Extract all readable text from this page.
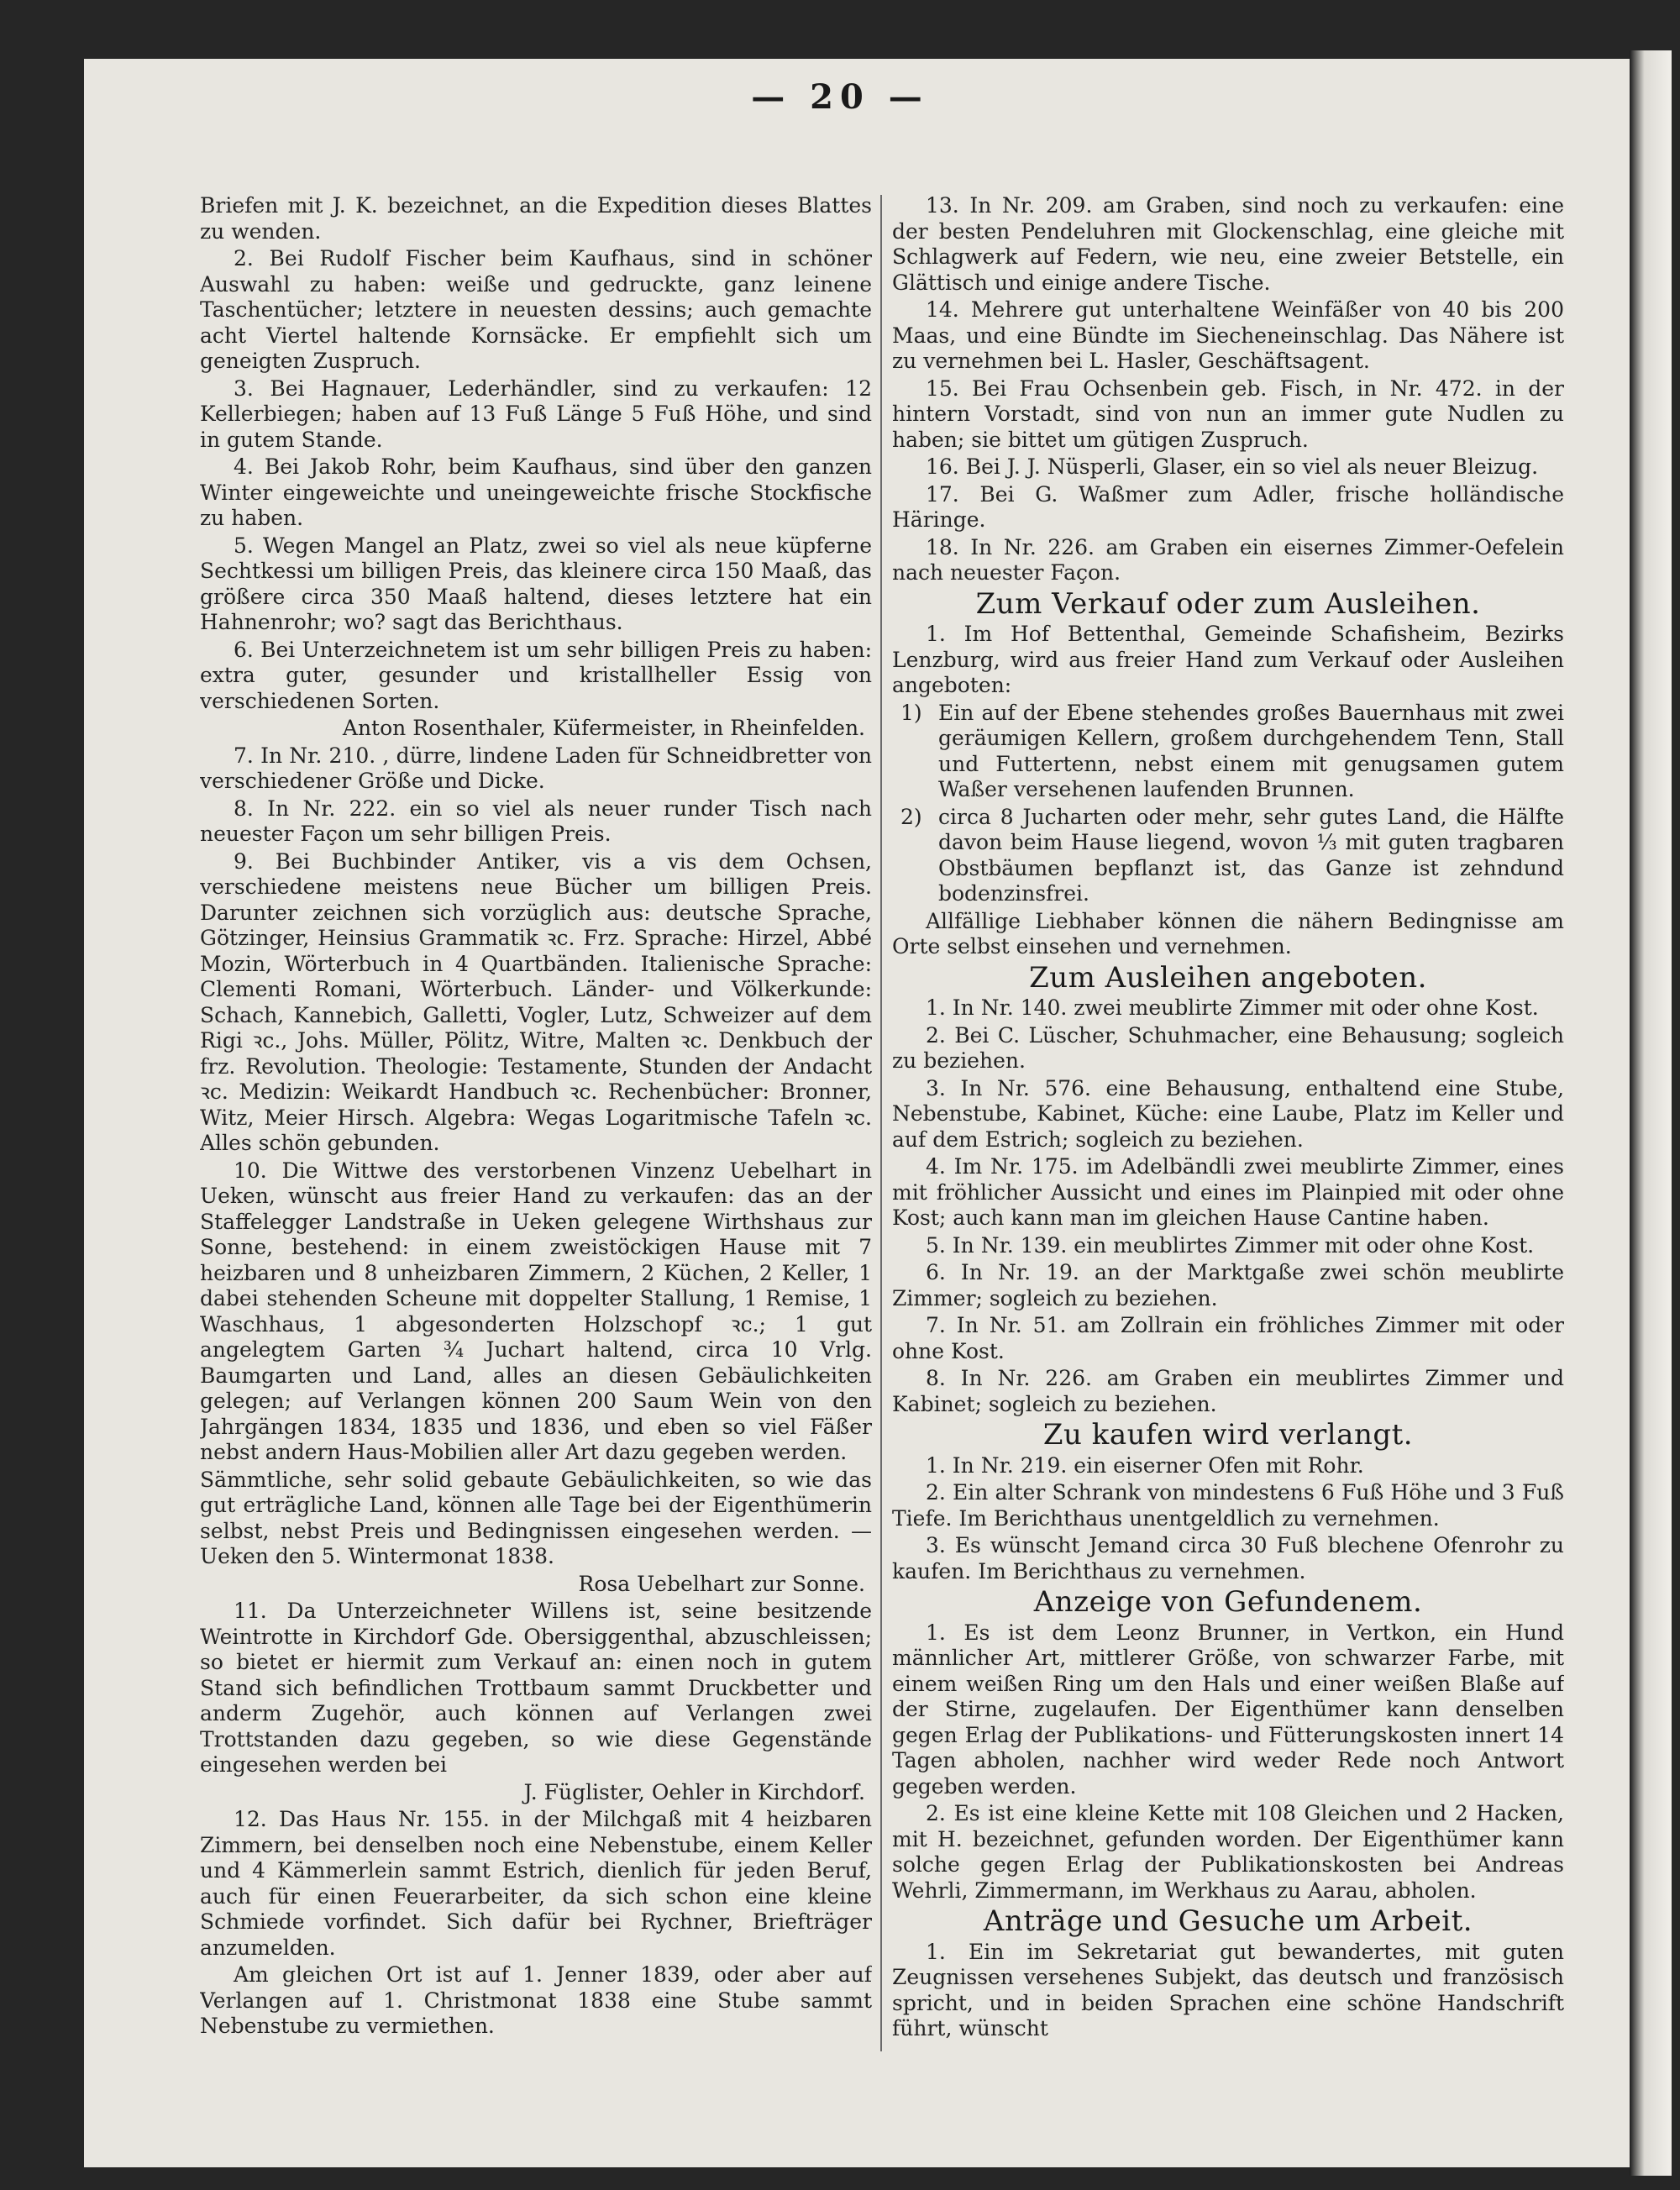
— 20 —

Briefen mit J. K. bezeichnet, an die Expedition dieses Blattes zu wenden.

2. Bei Rudolf Fischer beim Kaufhaus, sind in schöner Auswahl zu haben: weiße und gedruckte, ganz leinene Taschentücher; letztere in neuesten dessins; auch gemachte acht Viertel haltende Kornsäcke. Er empfiehlt sich um geneigten Zuspruch.

3. Bei Hagnauer, Lederhändler, sind zu verkaufen: 12 Kellerbiegen; haben auf 13 Fuß Länge 5 Fuß Höhe, und sind in gutem Stande.

4. Bei Jakob Rohr, beim Kaufhaus, sind über den ganzen Winter eingeweichte und uneingeweichte frische Stockfische zu haben.

5. Wegen Mangel an Platz, zwei so viel als neue küpferne Sechtkessi um billigen Preis, das kleinere circa 150 Maaß, das größere circa 350 Maaß haltend, dieses letztere hat ein Hahnenrohr; wo? sagt das Berichthaus.

6. Bei Unterzeichnetem ist um sehr billigen Preis zu haben: extra guter, gesunder und kristallheller Essig von verschiedenen Sorten.

Anton Rosenthaler, Küfermeister, in Rheinfelden.

7. In Nr. 210. , dürre, lindene Laden für Schneidbretter von verschiedener Größe und Dicke.

8. In Nr. 222. ein so viel als neuer runder Tisch nach neuester Façon um sehr billigen Preis.

9. Bei Buchbinder Antiker, vis a vis dem Ochsen, verschiedene meistens neue Bücher um billigen Preis. Darunter zeichnen sich vorzüglich aus: deutsche Sprache, Götzinger, Heinsius Grammatik ꝛc. Frz. Sprache: Hirzel, Abbé Mozin, Wörterbuch in 4 Quartbänden. Italienische Sprache: Clementi Romani, Wörterbuch. Länder- und Völkerkunde: Schach, Kannebich, Galletti, Vogler, Lutz, Schweizer auf dem Rigi ꝛc., Johs. Müller, Pölitz, Witre, Malten ꝛc. Denkbuch der frz. Revolution. Theologie: Testamente, Stunden der Andacht ꝛc. Medizin: Weikardt Handbuch ꝛc. Rechenbücher: Bronner, Witz, Meier Hirsch. Algebra: Wegas Logaritmische Tafeln ꝛc. Alles schön gebunden.

10. Die Wittwe des verstorbenen Vinzenz Uebelhart in Ueken, wünscht aus freier Hand zu verkaufen: das an der Staffelegger Landstraße in Ueken gelegene Wirthshaus zur Sonne, bestehend: in einem zweistöckigen Hause mit 7 heizbaren und 8 unheizbaren Zimmern, 2 Küchen, 2 Keller, 1 dabei stehenden Scheune mit doppelter Stallung, 1 Remise, 1 Waschhaus, 1 abgesonderten Holzschopf ꝛc.; 1 gut angelegtem Garten ¾ Juchart haltend, circa 10 Vrlg. Baumgarten und Land, alles an diesen Gebäulichkeiten gelegen; auf Verlangen können 200 Saum Wein von den Jahrgängen 1834, 1835 und 1836, und eben so viel Fäßer nebst andern Haus-Mobilien aller Art dazu gegeben werden.

Sämmtliche, sehr solid gebaute Gebäulichkeiten, so wie das gut erträgliche Land, können alle Tage bei der Eigenthümerin selbst, nebst Preis und Bedingnissen eingesehen werden. — Ueken den 5. Wintermonat 1838.

Rosa Uebelhart zur Sonne.

11. Da Unterzeichneter Willens ist, seine besitzende Weintrotte in Kirchdorf Gde. Obersiggenthal, abzuschleissen; so bietet er hiermit zum Verkauf an: einen noch in gutem Stand sich befindlichen Trottbaum sammt Druckbetter und anderm Zugehör, auch können auf Verlangen zwei Trottstanden dazu gegeben, so wie diese Gegenstände eingesehen werden bei

J. Füglister, Oehler in Kirchdorf.

12. Das Haus Nr. 155. in der Milchgaß mit 4 heizbaren Zimmern, bei denselben noch eine Nebenstube, einem Keller und 4 Kämmerlein sammt Estrich, dienlich für jeden Beruf, auch für einen Feuerarbeiter, da sich schon eine kleine Schmiede vorfindet. Sich dafür bei Rychner, Briefträger anzumelden.

Am gleichen Ort ist auf 1. Jenner 1839, oder aber auf Verlangen auf 1. Christmonat 1838 eine Stube sammt Nebenstube zu vermiethen.

13. In Nr. 209. am Graben, sind noch zu verkaufen: eine der besten Pendeluhren mit Glockenschlag, eine gleiche mit Schlagwerk auf Federn, wie neu, eine zweier Betstelle, ein Glättisch und einige andere Tische.

14. Mehrere gut unterhaltene Weinfäßer von 40 bis 200 Maas, und eine Bündte im Siecheneinschlag. Das Nähere ist zu vernehmen bei L. Hasler, Geschäftsagent.

15. Bei Frau Ochsenbein geb. Fisch, in Nr. 472. in der hintern Vorstadt, sind von nun an immer gute Nudlen zu haben; sie bittet um gütigen Zuspruch.

16. Bei J. J. Nüsperli, Glaser, ein so viel als neuer Bleizug.

17. Bei G. Waßmer zum Adler, frische holländische Häringe.

18. In Nr. 226. am Graben ein eisernes Zimmer-Oefelein nach neuester Façon.

Zum Verkauf oder zum Ausleihen.

1. Im Hof Bettenthal, Gemeinde Schafisheim, Bezirks Lenzburg, wird aus freier Hand zum Verkauf oder Ausleihen angeboten:

1) Ein auf der Ebene stehendes großes Bauernhaus mit zwei geräumigen Kellern, großem durchgehendem Tenn, Stall und Futtertenn, nebst einem mit genugsamen gutem Waßer versehenen laufenden Brunnen.

2) circa 8 Jucharten oder mehr, sehr gutes Land, die Hälfte davon beim Hause liegend, wovon ⅓ mit guten tragbaren Obstbäumen bepflanzt ist, das Ganze ist zehndund bodenzinsfrei.

Allfällige Liebhaber können die nähern Bedingnisse am Orte selbst einsehen und vernehmen.

Zum Ausleihen angeboten.

1. In Nr. 140. zwei meublirte Zimmer mit oder ohne Kost.

2. Bei C. Lüscher, Schuhmacher, eine Behausung; sogleich zu beziehen.

3. In Nr. 576. eine Behausung, enthaltend eine Stube, Nebenstube, Kabinet, Küche: eine Laube, Platz im Keller und auf dem Estrich; sogleich zu beziehen.

4. Im Nr. 175. im Adelbändli zwei meublirte Zimmer, eines mit fröhlicher Aussicht und eines im Plainpied mit oder ohne Kost; auch kann man im gleichen Hause Cantine haben.

5. In Nr. 139. ein meublirtes Zimmer mit oder ohne Kost.

6. In Nr. 19. an der Marktgaße zwei schön meublirte Zimmer; sogleich zu beziehen.

7. In Nr. 51. am Zollrain ein fröhliches Zimmer mit oder ohne Kost.

8. In Nr. 226. am Graben ein meublirtes Zimmer und Kabinet; sogleich zu beziehen.

Zu kaufen wird verlangt.

1. In Nr. 219. ein eiserner Ofen mit Rohr.

2. Ein alter Schrank von mindestens 6 Fuß Höhe und 3 Fuß Tiefe. Im Berichthaus unentgeldlich zu vernehmen.

3. Es wünscht Jemand circa 30 Fuß blechene Ofenrohr zu kaufen. Im Berichthaus zu vernehmen.

Anzeige von Gefundenem.

1. Es ist dem Leonz Brunner, in Vertkon, ein Hund männlicher Art, mittlerer Größe, von schwarzer Farbe, mit einem weißen Ring um den Hals und einer weißen Blaße auf der Stirne, zugelaufen. Der Eigenthümer kann denselben gegen Erlag der Publikations- und Fütterungskosten innert 14 Tagen abholen, nachher wird weder Rede noch Antwort gegeben werden.

2. Es ist eine kleine Kette mit 108 Gleichen und 2 Hacken, mit H. bezeichnet, gefunden worden. Der Eigenthümer kann solche gegen Erlag der Publikationskosten bei Andreas Wehrli, Zimmermann, im Werkhaus zu Aarau, abholen.

Anträge und Gesuche um Arbeit.

1. Ein im Sekretariat gut bewandertes, mit guten Zeugnissen versehenes Subjekt, das deutsch und französisch spricht, und in beiden Sprachen eine schöne Handschrift führt, wünscht
